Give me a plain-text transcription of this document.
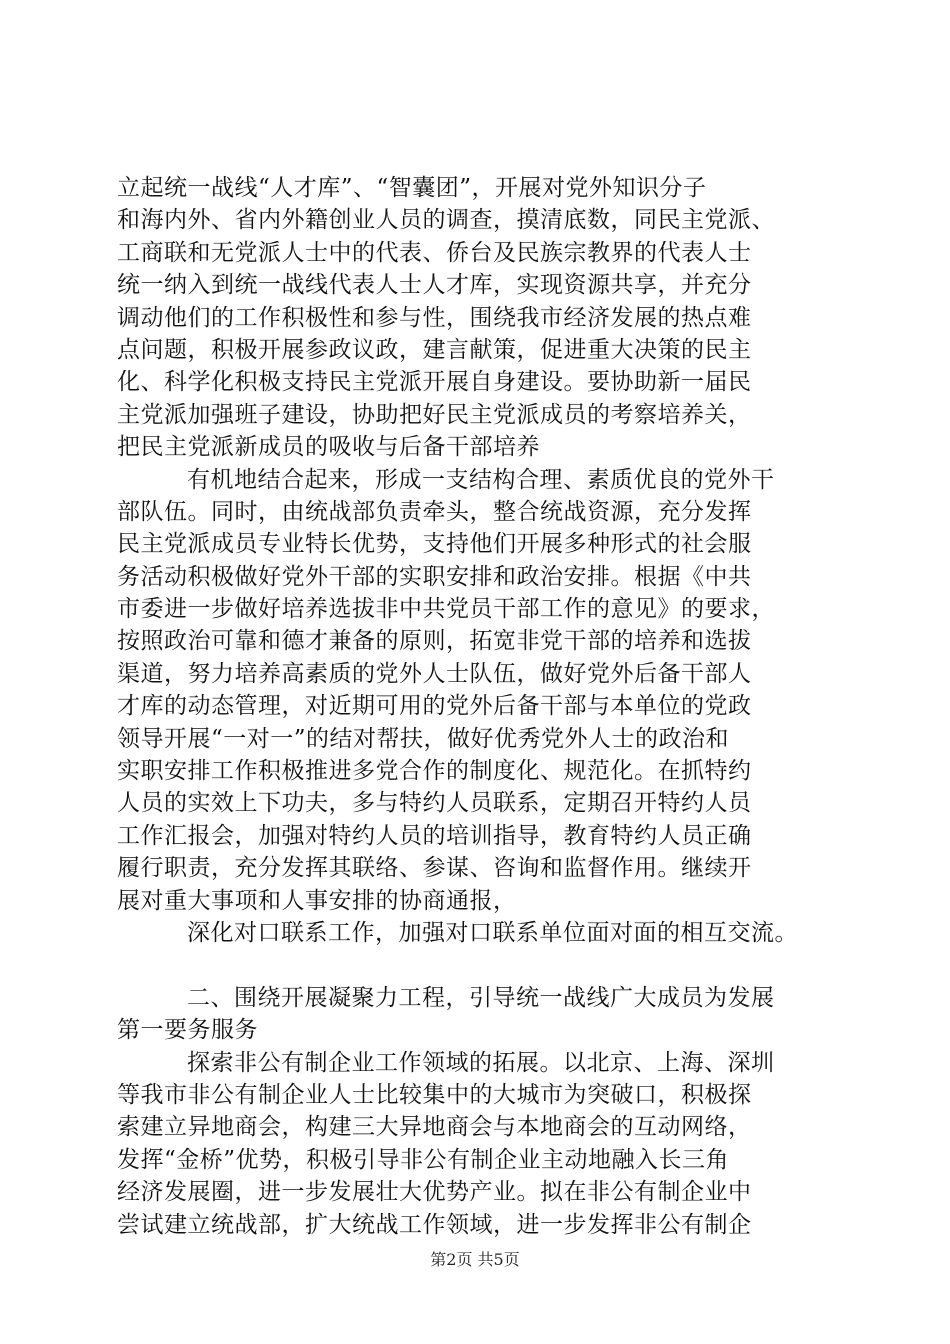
立起统一战线“人才库”、“智囊团”，开展对党外知识分子
和海内外、省内外籍创业人员的调查，摸清底数，同民主党派、
工商联和无党派人士中的代表、侨台及民族宗教界的代表人士
统一纳入到统一战线代表人士人才库，实现资源共享，并充分
调动他们的工作积极性和参与性，围绕我市经济发展的热点难
点问题，积极开展参政议政，建言献策，促进重大决策的民主
化、科学化积极支持民主党派开展自身建设。要协助新一届民
主党派加强班子建设，协助把好民主党派成员的考察培养关，
把民主党派新成员的吸收与后备干部培养
有机地结合起来，形成一支结构合理、素质优良的党外干
部队伍。同时，由统战部负责牵头，整合统战资源，充分发挥
民主党派成员专业特长优势，支持他们开展多种形式的社会服
务活动积极做好党外干部的实职安排和政治安排。根据《中共
市委进一步做好培养选拔非中共党员干部工作的意见》的要求，
按照政治可靠和德才兼备的原则，拓宽非党干部的培养和选拔
渠道，努力培养高素质的党外人士队伍，做好党外后备干部人
才库的动态管理，对近期可用的党外后备干部与本单位的党政
领导开展“一对一”的结对帮扶，做好优秀党外人士的政治和
实职安排工作积极推进多党合作的制度化、规范化。在抓特约
人员的实效上下功夫，多与特约人员联系，定期召开特约人员
工作汇报会，加强对特约人员的培训指导，教育特约人员正确
履行职责，充分发挥其联络、参谋、咨询和监督作用。继续开
展对重大事项和人事安排的协商通报，
深化对口联系工作，加强对口联系单位面对面的相互交流。
二、围绕开展凝聚力工程，引导统一战线广大成员为发展
第一要务服务
探索非公有制企业工作领域的拓展。以北京、上海、深圳
等我市非公有制企业人士比较集中的大城市为突破口，积极探
索建立异地商会，构建三大异地商会与本地商会的互动网络，
发挥“金桥”优势，积极引导非公有制企业主动地融入长三角
经济发展圈，进一步发展壮大优势产业。拟在非公有制企业中
尝试建立统战部，扩大统战工作领域，进一步发挥非公有制企
第2页 共5页
